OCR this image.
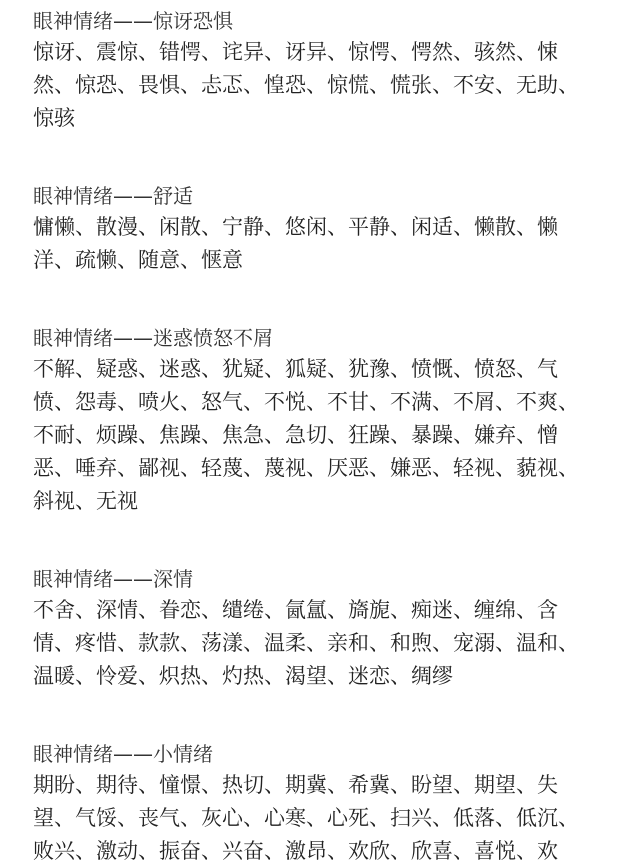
眼神情绪——惊讶恐惧
惊讶、震惊、错愕、诧异、讶异、惊愕、愕然、骇然、悚
然、惊恐、畏惧、忐忑、惶恐、惊慌、慌张、不安、无助、
惊骇
眼神情绪——舒适
慵懒、散漫、闲散、宁静、悠闲、平静、闲适、懒散、懒
洋、疏懒、随意、惬意
眼神情绪——迷惑愤怒不屑
不解、疑惑、迷惑、犹疑、狐疑、犹豫、愤慨、愤怒、气
愤、怨毒、喷火、怒气、不悦、不甘、不满、不屑、不爽、
不耐、烦躁、焦躁、焦急、急切、狂躁、暴躁、嫌弃、憎
恶、唾弃、鄙视、轻蔑、蔑视、厌恶、嫌恶、轻视、藐视、
斜视、无视
眼神情绪——深情
不舍、深情、眷恋、缱绻、氤氲、旖旎、痴迷、缠绵、含
情、疼惜、款款、荡漾、温柔、亲和、和煦、宠溺、温和、
温暖、怜爱、炽热、灼热、渴望、迷恋、绸缪
眼神情绪——小情绪
期盼、期待、憧憬、热切、期冀、希冀、盼望、期望、失
望、气馁、丧气、灰心、心寒、心死、扫兴、低落、低沉、
败兴、激动、振奋、兴奋、激昂、欢欣、欣喜、喜悦、欢
